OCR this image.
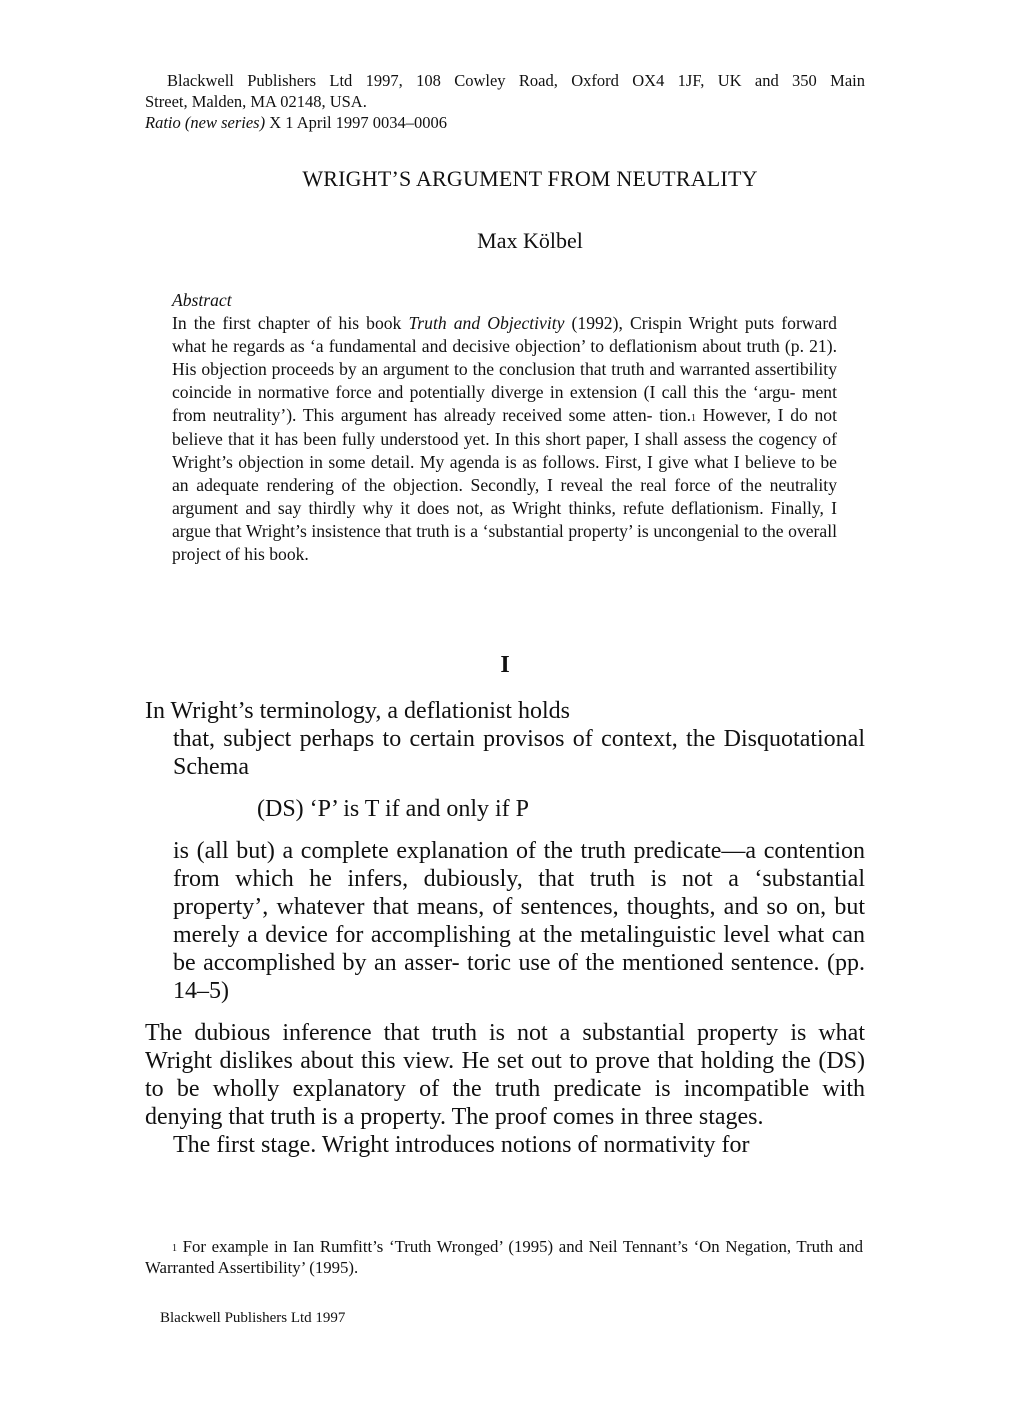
Blackwell Publishers Ltd 1997, 108 Cowley Road, Oxford OX4 1JF, UK and 350 Main
Street, Malden, MA 02148, USA.
Ratio (new series) X 1 April 1997 0034–0006
WRIGHT’S ARGUMENT FROM NEUTRALITY
Max Kölbel
Abstract
In the first chapter of his book Truth and Objectivity (1992), Crispin Wright puts forward what he regards as ‘a fundamental and decisive objection’ to deflationism about truth (p. 21). His objection proceeds by an argument to the conclusion that truth and warranted assertibility coincide in normative force and potentially diverge in extension (I call this the ‘argu- ment from neutrality’). This argument has already received some atten- tion.$^1$ However, I do not believe that it has been fully understood yet. In this short paper, I shall assess the cogency of Wright’s objection in some detail. My agenda is as follows. First, I give what I believe to be an adequate rendering of the objection. Secondly, I reveal the real force of the neutrality argument and say thirdly why it does not, as Wright thinks, refute deflationism. Finally, I argue that Wright’s insistence that truth is a ‘substantial property’ is uncongenial to the overall project of his book.
I
In Wright’s terminology, a deflationist holds
that, subject perhaps to certain provisos of context, the Disquotational Schema
(DS) ‘P’ is T if and only if P
is (all but) a complete explanation of the truth predicate—a contention from which he infers, dubiously, that truth is not a ‘substantial property’, whatever that means, of sentences, thoughts, and so on, but merely a device for accomplishing at the metalinguistic level what can be accomplished by an asser- toric use of the mentioned sentence. (pp. 14–5)
The dubious inference that truth is not a substantial property is what Wright dislikes about this view. He set out to prove that holding the (DS) to be wholly explanatory of the truth predicate is incompatible with denying that truth is a property. The proof comes in three stages.
The first stage. Wright introduces notions of normativity for
$^1$ For example in Ian Rumfitt’s ‘Truth Wronged’ (1995) and Neil Tennant’s ‘On Negation, Truth and Warranted Assertibility’ (1995).
Blackwell Publishers Ltd 1997
